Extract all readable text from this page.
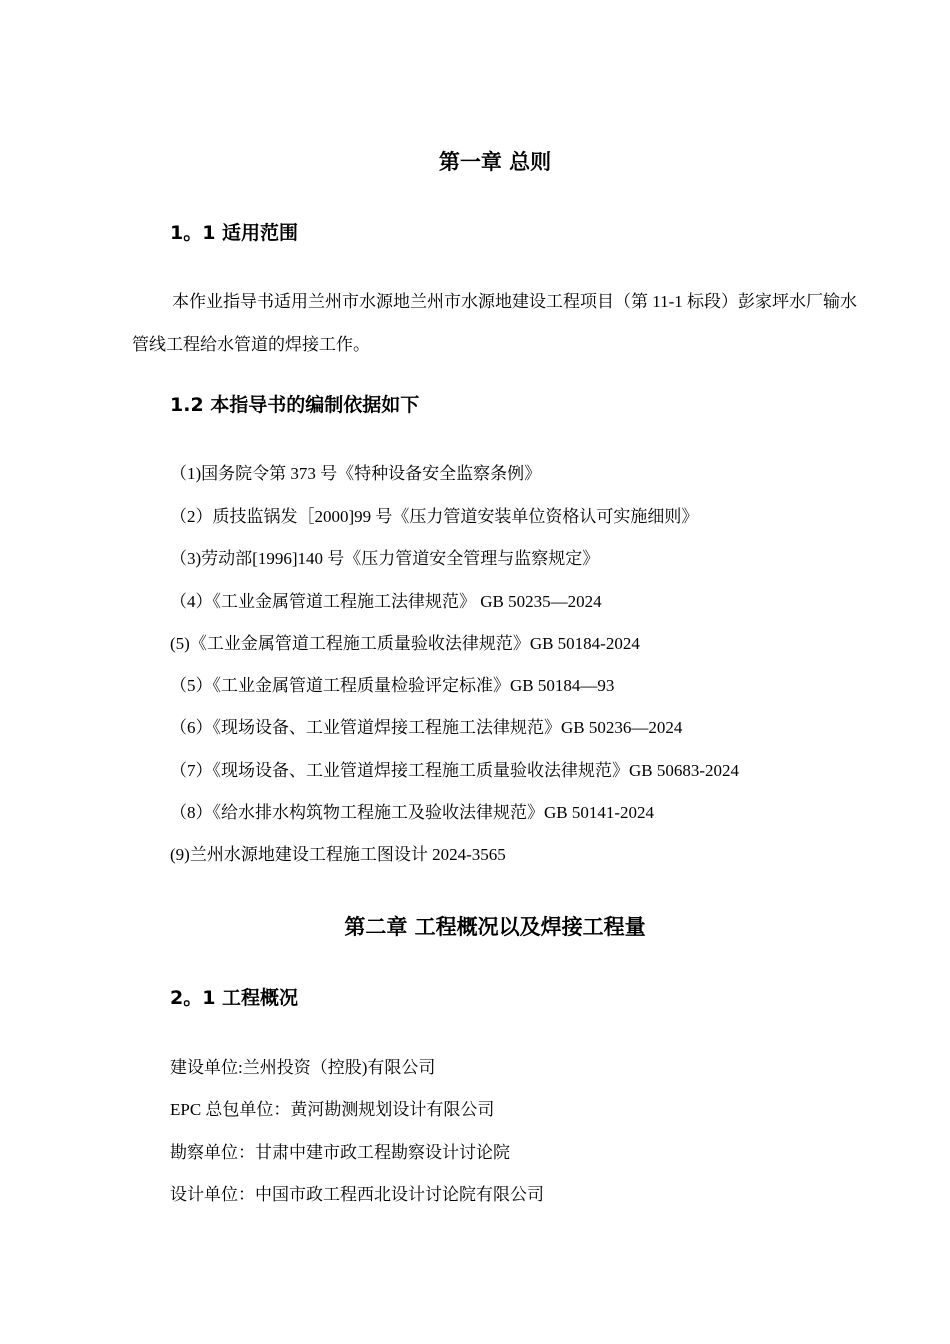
第一章 总则
1。1 适用范围

本作业指导书适用兰州市水源地兰州市水源地建设工程项目（第 11-1 标段）彭家坪水厂输水管线工程给水管道的焊接工作。

1.2 本指导书的编制依据如下

（1)国务院令第 373 号《特种设备安全监察条例》

（2）质技监锅发［2000]99 号《压力管道安装单位资格认可实施细则》

（3)劳动部[1996]140 号《压力管道安全管理与监察规定》

（4）《工业金属管道工程施工法律规范》 GB 50235—2024

(5)《工业金属管道工程施工质量验收法律规范》GB 50184-2024

（5）《工业金属管道工程质量检验评定标准》GB 50184—93

（6）《现场设备、工业管道焊接工程施工法律规范》GB 50236—2024

（7）《现场设备、工业管道焊接工程施工质量验收法律规范》GB 50683-2024

（8）《给水排水构筑物工程施工及验收法律规范》GB 50141-2024

(9)兰州水源地建设工程施工图设计 2024-3565

第二章 工程概况以及焊接工程量
2。1 工程概况

建设单位:兰州投资（控股)有限公司

EPC 总包单位：黄河勘测规划设计有限公司

勘察单位：甘肃中建市政工程勘察设计讨论院

设计单位：中国市政工程西北设计讨论院有限公司
